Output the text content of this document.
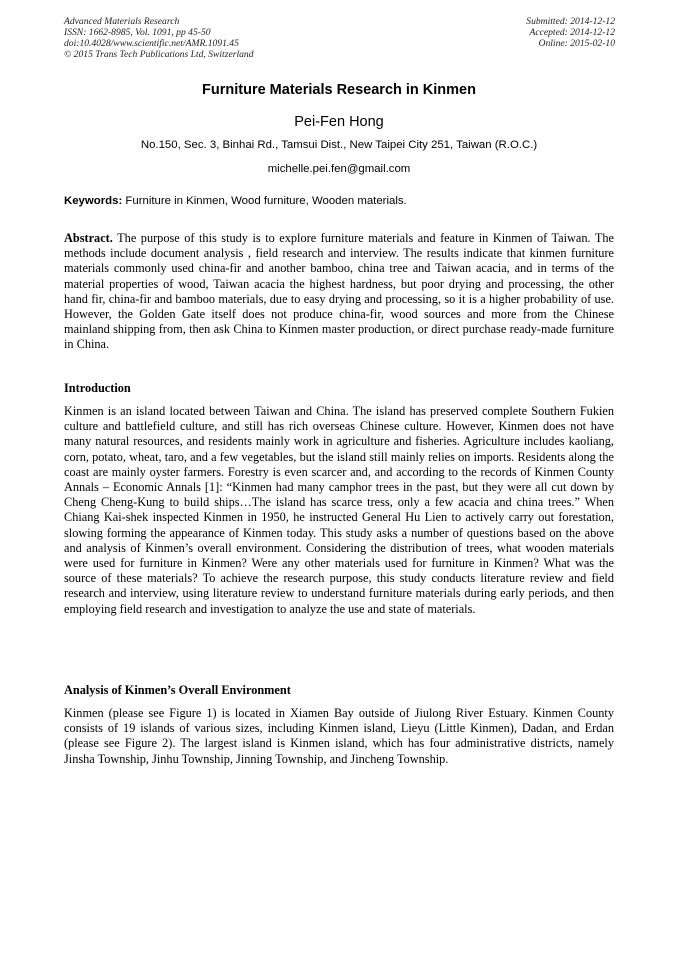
Advanced Materials Research
ISSN: 1662-8985, Vol. 1091, pp 45-50
doi:10.4028/www.scientific.net/AMR.1091.45
© 2015 Trans Tech Publications Ltd, Switzerland
Submitted: 2014-12-12
Accepted: 2014-12-12
Online: 2015-02-10
Furniture Materials Research in Kinmen
Pei-Fen Hong
No.150, Sec. 3, Binhai Rd., Tamsui Dist., New Taipei City 251, Taiwan (R.O.C.)
michelle.pei.fen@gmail.com
Keywords: Furniture in Kinmen, Wood furniture, Wooden materials.
Abstract. The purpose of this study is to explore furniture materials and feature in Kinmen of Taiwan. The methods include document analysis , field research and interview. The results indicate that kinmen furniture materials commonly used china-fir and another bamboo, china tree and Taiwan acacia, and in terms of the material properties of wood, Taiwan acacia the highest hardness, but poor drying and processing, the other hand fir, china-fir and bamboo materials, due to easy drying and processing, so it is a higher probability of use. However, the Golden Gate itself does not produce china-fir, wood sources and more from the Chinese mainland shipping from, then ask China to Kinmen master production, or direct purchase ready-made furniture in China.
Introduction
Kinmen is an island located between Taiwan and China. The island has preserved complete Southern Fukien culture and battlefield culture, and still has rich overseas Chinese culture. However, Kinmen does not have many natural resources, and residents mainly work in agriculture and fisheries. Agriculture includes kaoliang, corn, potato, wheat, taro, and a few vegetables, but the island still mainly relies on imports. Residents along the coast are mainly oyster farmers. Forestry is even scarcer and, and according to the records of Kinmen County Annals – Economic Annals [1]: “Kinmen had many camphor trees in the past, but they were all cut down by Cheng Cheng-Kung to build ships…The island has scarce tress, only a few acacia and china trees.” When Chiang Kai-shek inspected Kinmen in 1950, he instructed General Hu Lien to actively carry out forestation, slowing forming the appearance of Kinmen today. This study asks a number of questions based on the above and analysis of Kinmen’s overall environment. Considering the distribution of trees, what wooden materials were used for furniture in Kinmen? Were any other materials used for furniture in Kinmen? What was the source of these materials? To achieve the research purpose, this study conducts literature review and field research and interview, using literature review to understand furniture materials during early periods, and then employing field research and investigation to analyze the use and state of materials.
Analysis of Kinmen’s Overall Environment
Kinmen (please see Figure 1) is located in Xiamen Bay outside of Jiulong River Estuary. Kinmen County consists of 19 islands of various sizes, including Kinmen island, Lieyu (Little Kinmen), Dadan, and Erdan (please see Figure 2). The largest island is Kinmen island, which has four administrative districts, namely Jinsha Township, Jinhu Township, Jinning Township, and Jincheng Township.
